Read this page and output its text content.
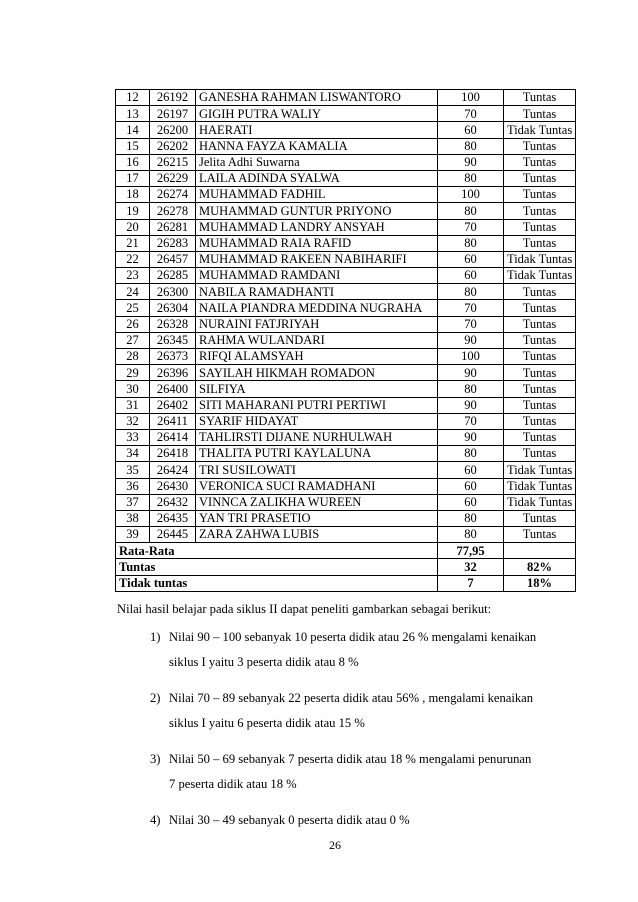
12	26192	GANESHA RAHMAN LISWANTORO	100	Tuntas
13	26197	GIGIH PUTRA WALIY	70	Tuntas
14	26200	HAERATI	60	Tidak Tuntas
15	26202	HANNA FAYZA KAMALIA	80	Tuntas
16	26215	Jelita Adhi Suwarna	90	Tuntas
17	26229	LAILA ADINDA SYALWA	80	Tuntas
18	26274	MUHAMMAD FADHIL	100	Tuntas
19	26278	MUHAMMAD GUNTUR PRIYONO	80	Tuntas
20	26281	MUHAMMAD LANDRY ANSYAH	70	Tuntas
21	26283	MUHAMMAD RAIA RAFID	80	Tuntas
22	26457	MUHAMMAD RAKEEN NABIHARIFI	60	Tidak Tuntas
23	26285	MUHAMMAD RAMDANI	60	Tidak Tuntas
24	26300	NABILA RAMADHANTI	80	Tuntas
25	26304	NAILA PIANDRA MEDDINA NUGRAHA	70	Tuntas
26	26328	NURAINI FATJRIYAH	70	Tuntas
27	26345	RAHMA WULANDARI	90	Tuntas
28	26373	RIFQI ALAMSYAH	100	Tuntas
29	26396	SAYILAH HIKMAH ROMADON	90	Tuntas
30	26400	SILFIYA	80	Tuntas
31	26402	SITI MAHARANI PUTRI PERTIWI	90	Tuntas
32	26411	SYARIF HIDAYAT	70	Tuntas
33	26414	TAHLIRSTI DIJANE NURHULWAH	90	Tuntas
34	26418	THALITA PUTRI KAYLALUNA	80	Tuntas
35	26424	TRI SUSILOWATI	60	Tidak Tuntas
36	26430	VERONICA SUCI RAMADHANI	60	Tidak Tuntas
37	26432	VINNCA ZALIKHA WUREEN	60	Tidak Tuntas
38	26435	YAN TRI PRASETIO	80	Tuntas
39	26445	ZARA ZAHWA LUBIS	80	Tuntas
Rata-Rata			77,95	
Tuntas			32	82%
Tidak tuntas			7	18%

Nilai hasil belajar pada siklus II dapat peneliti gambarkan sebagai berikut:

1) Nilai 90 – 100 sebanyak 10 peserta didik atau 26 % mengalami kenaikan
siklus I yaitu 3 peserta didik atau 8 %
2) Nilai 70 – 89 sebanyak 22 peserta didik atau 56% , mengalami kenaikan
siklus I yaitu 6 peserta didik atau 15 %
3) Nilai 50 – 69 sebanyak 7 peserta didik atau 18 % mengalami penurunan
7 peserta didik atau 18 %
4) Nilai 30 – 49 sebanyak 0 peserta didik atau 0 %
26
